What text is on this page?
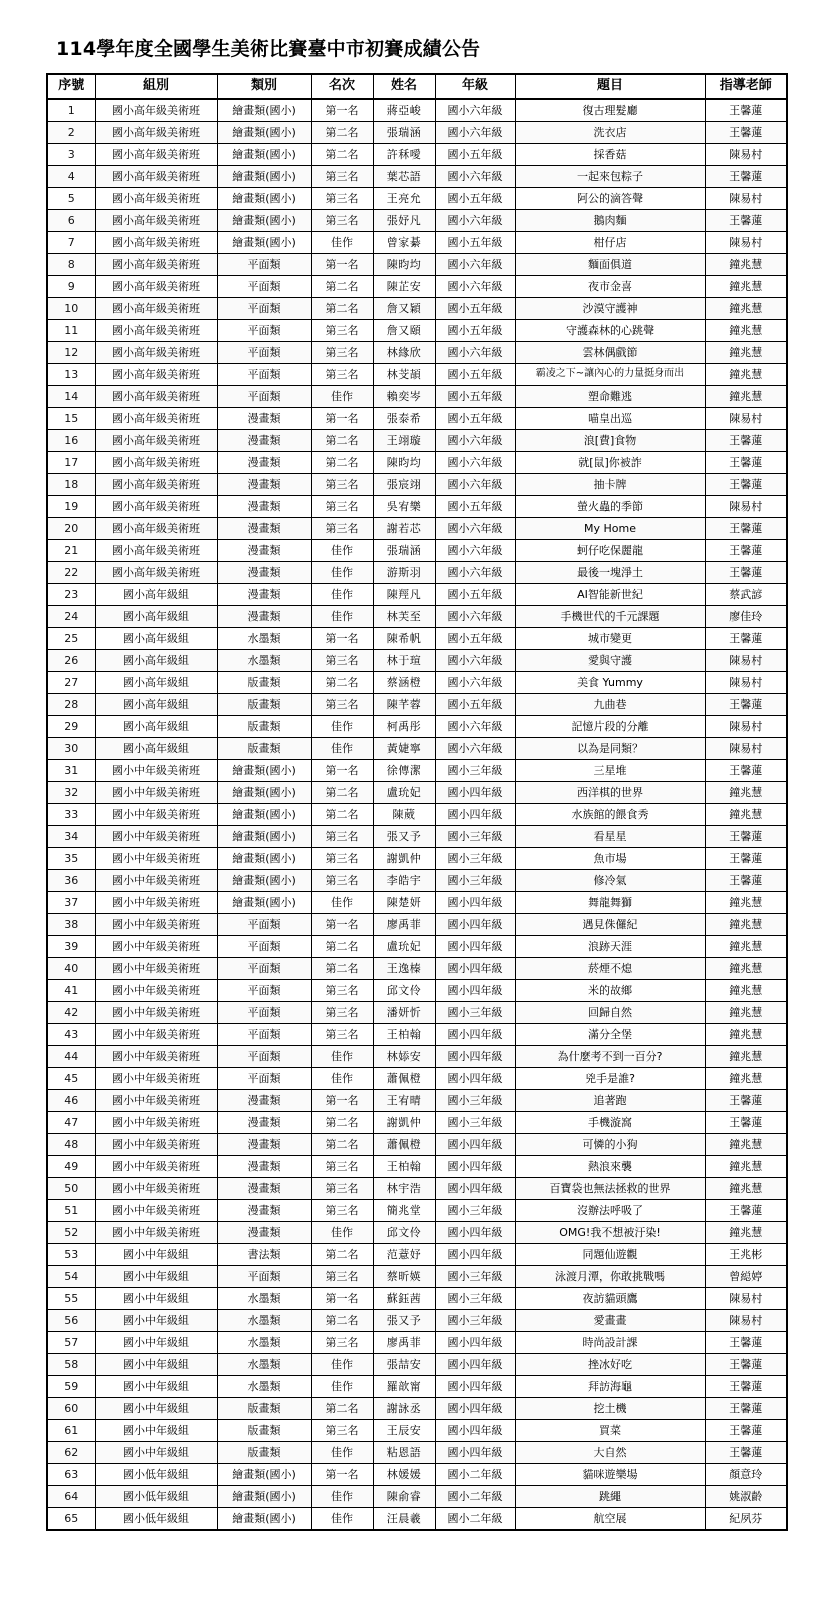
114學年度全國學生美術比賽臺中市初賽成績公告
序號	組別	類別	名次	姓名	年級	題目	指導老師
1	國小高年級美術班	繪畫類(國小)	第一名	蔣亞峻	國小六年級	復古理髮廳	王馨蓮
2	國小高年級美術班	繪畫類(國小)	第二名	張瑞涵	國小六年級	洗衣店	王馨蓮
3	國小高年級美術班	繪畫類(國小)	第二名	許秝噯	國小五年級	採香菇	陳易村
4	國小高年級美術班	繪畫類(國小)	第三名	葉芯語	國小六年級	一起來包粽子	王馨蓮
5	國小高年級美術班	繪畫類(國小)	第三名	王亮允	國小五年級	阿公的滴答聲	陳易村
6	國小高年級美術班	繪畫類(國小)	第三名	張妤凡	國小六年級	鵝肉麵	王馨蓮
7	國小高年級美術班	繪畫類(國小)	佳作	曾家綦	國小五年級	柑仔店	陳易村
8	國小高年級美術班	平面類	第一名	陳昀均	國小六年級	麵面俱道	鐘兆慧
9	國小高年級美術班	平面類	第二名	陳芷安	國小六年級	夜市金喜	鐘兆慧
10	國小高年級美術班	平面類	第二名	詹又穎	國小五年級	沙漠守護神	鐘兆慧
11	國小高年級美術班	平面類	第三名	詹又頤	國小五年級	守護森林的心跳聲	鐘兆慧
12	國小高年級美術班	平面類	第三名	林緣欣	國小六年級	雲林偶戲節	鐘兆慧
13	國小高年級美術班	平面類	第三名	林芠頡	國小五年級	霸凌之下~讓內心的力量挺身而出	鐘兆慧
14	國小高年級美術班	平面類	佳作	賴奕岑	國小五年級	塑命難逃	鐘兆慧
15	國小高年級美術班	漫畫類	第一名	張泰希	國小五年級	喵皇出巡	陳易村
16	國小高年級美術班	漫畫類	第二名	王翊璇	國小六年級	浪[費]食物	王馨蓮
17	國小高年級美術班	漫畫類	第二名	陳昀均	國小六年級	就[鼠]你被詐	王馨蓮
18	國小高年級美術班	漫畫類	第三名	張宸翊	國小六年級	抽卡牌	王馨蓮
19	國小高年級美術班	漫畫類	第三名	吳宥樂	國小五年級	螢火蟲的季節	陳易村
20	國小高年級美術班	漫畫類	第三名	謝若芯	國小六年級	My Home	王馨蓮
21	國小高年級美術班	漫畫類	佳作	張瑞涵	國小六年級	蚵仔吃保麗龍	王馨蓮
22	國小高年級美術班	漫畫類	佳作	游斯羽	國小六年級	最後一塊淨土	王馨蓮
23	國小高年級組	漫畫類	佳作	陳羥凡	國小五年級	AI智能新世紀	蔡武諺
24	國小高年級組	漫畫類	佳作	林芙至	國小六年級	手機世代的千元課題	廖佳玲
25	國小高年級組	水墨類	第一名	陳希帆	國小五年級	城市變更	王馨蓮
26	國小高年級組	水墨類	第三名	林于瑄	國小六年級	愛與守護	陳易村
27	國小高年級組	版畫類	第二名	蔡涵橙	國小六年級	美食 Yummy	陳易村
28	國小高年級組	版畫類	第三名	陳芊蓉	國小五年級	九曲巷	王馨蓮
29	國小高年級組	版畫類	佳作	柯禹彤	國小六年級	記憶片段的分離	陳易村
30	國小高年級組	版畫類	佳作	黃婕寧	國小六年級	以為是同類？	陳易村
31	國小中年級美術班	繪畫類(國小)	第一名	徐傳潔	國小三年級	三星堆	王馨蓮
32	國小中年級美術班	繪畫類(國小)	第二名	盧玧妃	國小四年級	西洋棋的世界	鐘兆慧
33	國小中年級美術班	繪畫類(國小)	第二名	陳葳	國小四年級	水族館的餵食秀	鐘兆慧
34	國小中年級美術班	繪畫類(國小)	第三名	張又予	國小三年級	看星星	王馨蓮
35	國小中年級美術班	繪畫類(國小)	第三名	謝凱仲	國小三年級	魚市場	王馨蓮
36	國小中年級美術班	繪畫類(國小)	第三名	李皓宇	國小三年級	修冷氣	王馨蓮
37	國小中年級美術班	繪畫類(國小)	佳作	陳楚妍	國小四年級	舞龍舞獅	鐘兆慧
38	國小中年級美術班	平面類	第一名	廖禹菲	國小四年級	遇見侏儸紀	鐘兆慧
39	國小中年級美術班	平面類	第二名	盧玧妃	國小四年級	浪跡天涯	鐘兆慧
40	國小中年級美術班	平面類	第二名	王逸榛	國小四年級	菸煙不熄	鐘兆慧
41	國小中年級美術班	平面類	第三名	邱文伶	國小四年級	米的故鄉	鐘兆慧
42	國小中年級美術班	平面類	第三名	潘妍忻	國小三年級	回歸自然	鐘兆慧
43	國小中年級美術班	平面類	第三名	王柏翰	國小四年級	滿分全堡	鐘兆慧
44	國小中年級美術班	平面類	佳作	林婖安	國小四年級	為什麼考不到一百分?	鐘兆慧
45	國小中年級美術班	平面類	佳作	蕭佩橙	國小四年級	兇手是誰?	鐘兆慧
46	國小中年級美術班	漫畫類	第一名	王宥晴	國小三年級	追著跑	王馨蓮
47	國小中年級美術班	漫畫類	第二名	謝凱仲	國小三年級	手機漩窩	王馨蓮
48	國小中年級美術班	漫畫類	第二名	蕭佩橙	國小四年級	可憐的小狗	鐘兆慧
49	國小中年級美術班	漫畫類	第三名	王柏翰	國小四年級	熱浪來襲	鐘兆慧
50	國小中年級美術班	漫畫類	第三名	林宇浩	國小四年級	百寶袋也無法拯救的世界	鐘兆慧
51	國小中年級美術班	漫畫類	第三名	簡兆堂	國小三年級	沒辦法呼吸了	王馨蓮
52	國小中年級美術班	漫畫類	佳作	邱文伶	國小四年級	OMG!我不想被汙染!	鐘兆慧
53	國小中年級組	書法類	第二名	范薏妤	國小四年級	同題仙遊觀	王兆彬
54	國小中年級組	平面類	第三名	蔡昕媖	國小三年級	泳渡月潭，你敢挑戰嗎	曾縂婷
55	國小中年級組	水墨類	第一名	蘇鈺茜	國小三年級	夜訪貓頭鷹	陳易村
56	國小中年級組	水墨類	第二名	張又予	國小三年級	愛畫畫	陳易村
57	國小中年級組	水墨類	第三名	廖禹菲	國小四年級	時尚設計課	王馨蓮
58	國小中年級組	水墨類	佳作	張喆安	國小四年級	挫冰好吃	王馨蓮
59	國小中年級組	水墨類	佳作	羅歆甯	國小四年級	拜訪海龜	王馨蓮
60	國小中年級組	版畫類	第二名	謝詠丞	國小四年級	挖土機	王馨蓮
61	國小中年級組	版畫類	第三名	王辰安	國小四年級	買菜	王馨蓮
62	國小中年級組	版畫類	佳作	粘恩語	國小四年級	大自然	王馨蓮
63	國小低年級組	繪畫類(國小)	第一名	林媛媛	國小二年級	貓咪遊樂場	顏意玲
64	國小低年級組	繪畫類(國小)	佳作	陳俞睿	國小二年級	跳繩	姚淑齡
65	國小低年級組	繪畫類(國小)	佳作	汪晨羲	國小二年級	航空展	紀夙芬
